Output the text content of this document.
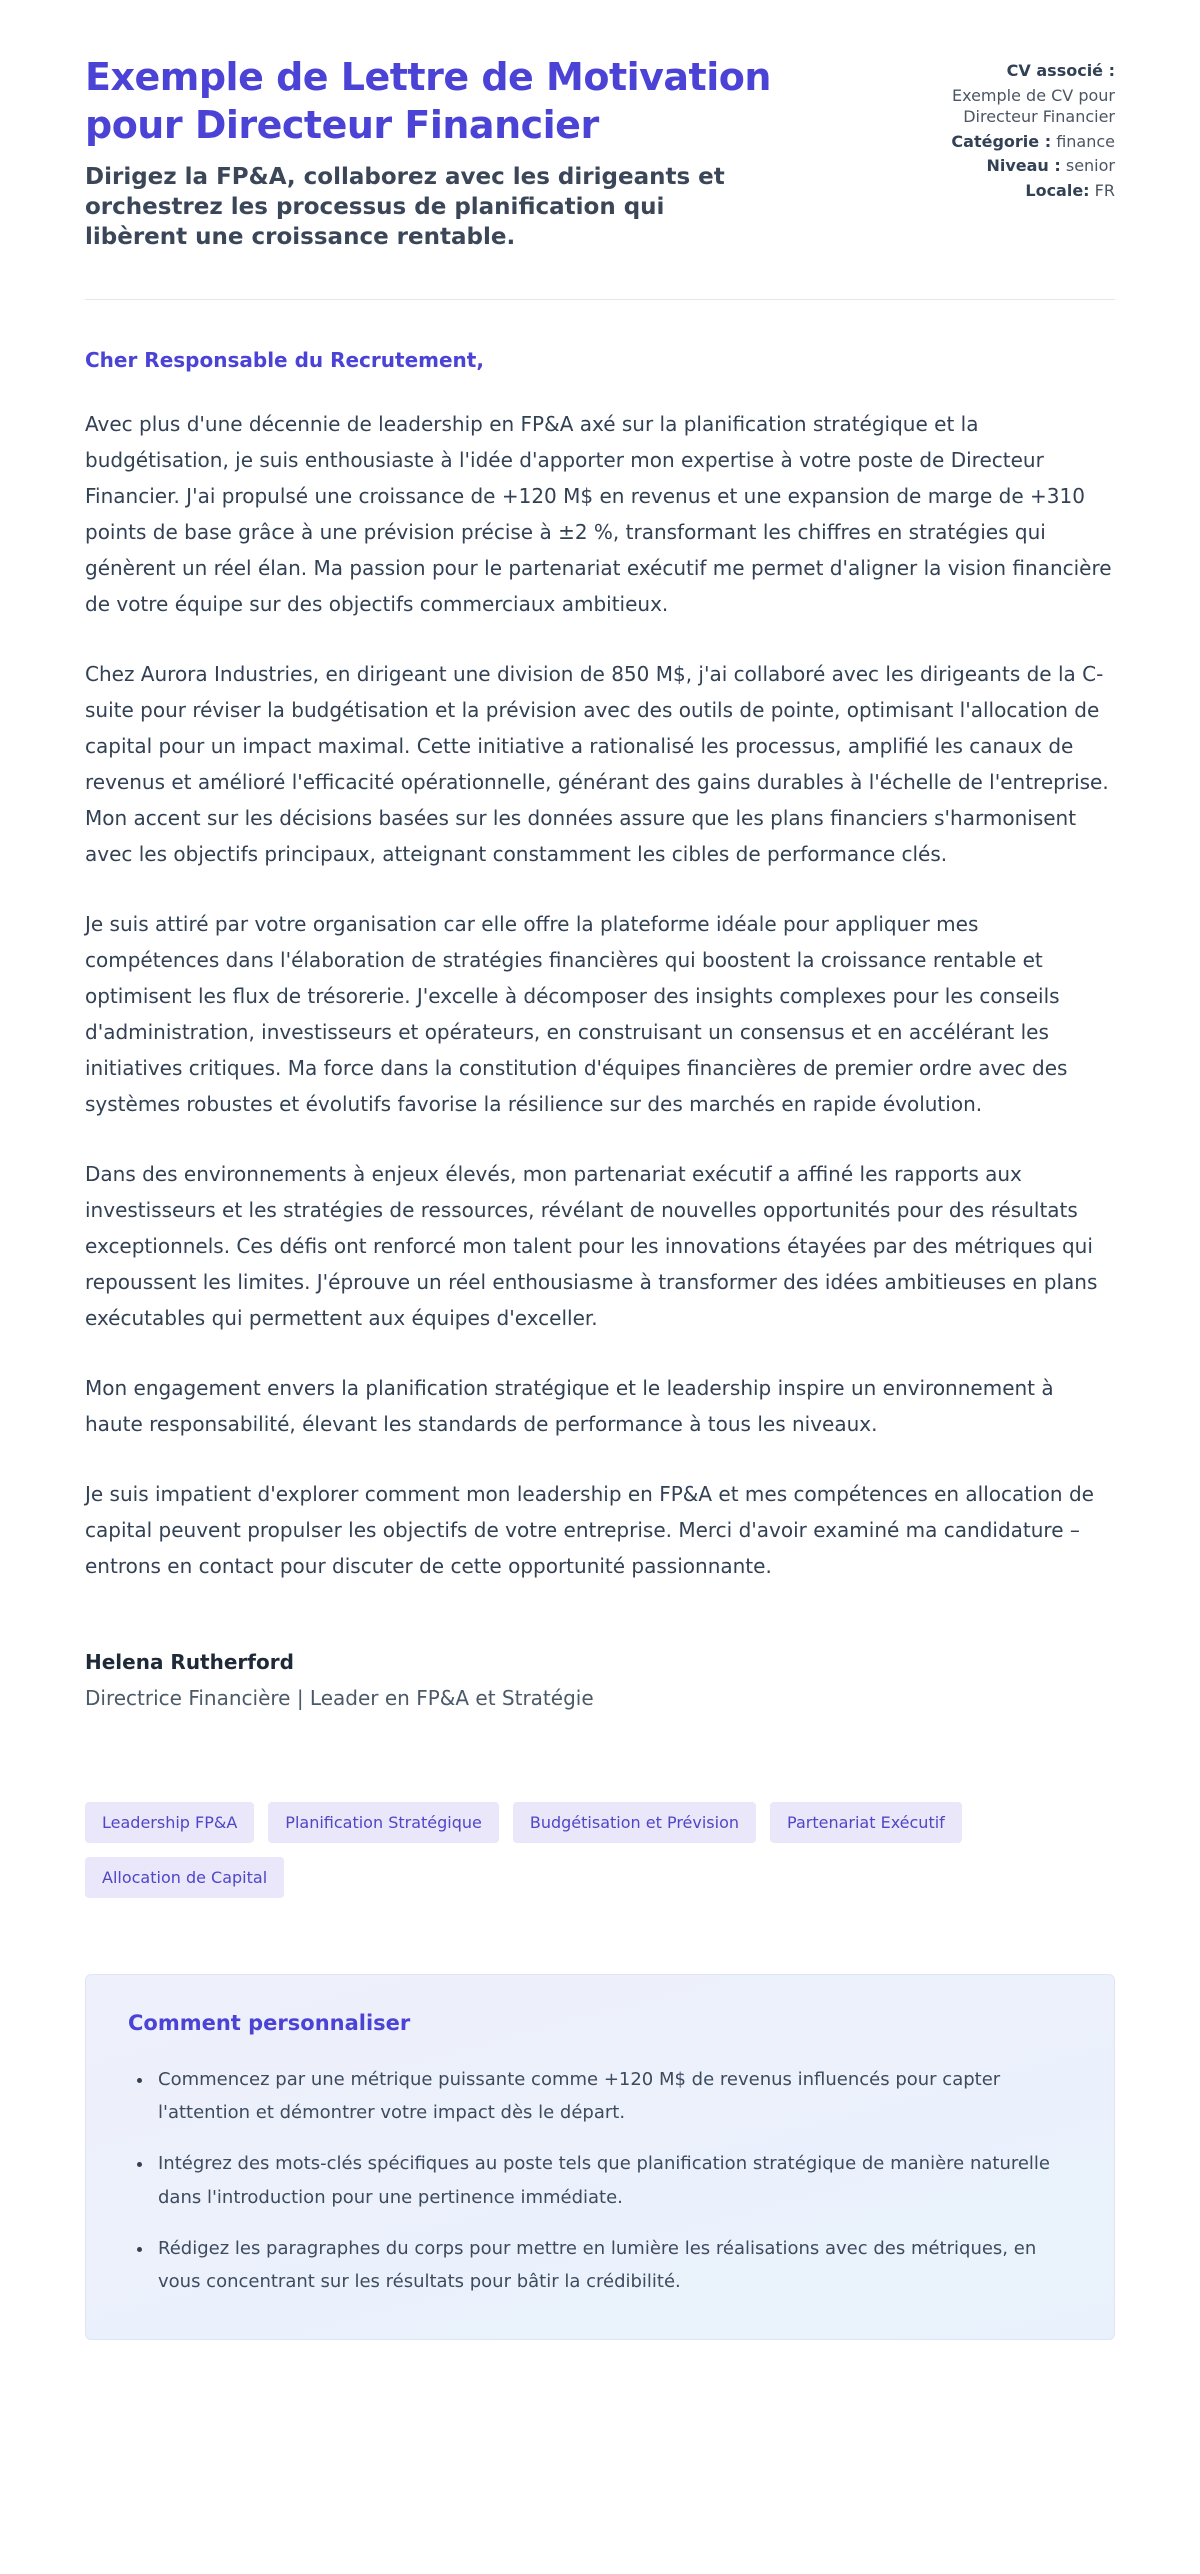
Exemple de Lettre de Motivation pour Directeur Financier

Dirigez la FP&A, collaborez avec les dirigeants et orchestrez les processus de planification qui libèrent une croissance rentable.

CV associé :
Exemple de CV pour Directeur Financier
Catégorie : finance
Niveau : senior
Locale: FR

Cher Responsable du Recrutement,

Avec plus d'une décennie de leadership en FP&A axé sur la planification stratégique et la budgétisation, je suis enthousiaste à l'idée d'apporter mon expertise à votre poste de Directeur Financier. J'ai propulsé une croissance de +120 M$ en revenus et une expansion de marge de +310 points de base grâce à une prévision précise à ±2 %, transformant les chiffres en stratégies qui génèrent un réel élan. Ma passion pour le partenariat exécutif me permet d'aligner la vision financière de votre équipe sur des objectifs commerciaux ambitieux.

Chez Aurora Industries, en dirigeant une division de 850 M$, j'ai collaboré avec les dirigeants de la C-suite pour réviser la budgétisation et la prévision avec des outils de pointe, optimisant l'allocation de capital pour un impact maximal. Cette initiative a rationalisé les processus, amplifié les canaux de revenus et amélioré l'efficacité opérationnelle, générant des gains durables à l'échelle de l'entreprise. Mon accent sur les décisions basées sur les données assure que les plans financiers s'harmonisent avec les objectifs principaux, atteignant constamment les cibles de performance clés.

Je suis attiré par votre organisation car elle offre la plateforme idéale pour appliquer mes compétences dans l'élaboration de stratégies financières qui boostent la croissance rentable et optimisent les flux de trésorerie. J'excelle à décomposer des insights complexes pour les conseils d'administration, investisseurs et opérateurs, en construisant un consensus et en accélérant les initiatives critiques. Ma force dans la constitution d'équipes financières de premier ordre avec des systèmes robustes et évolutifs favorise la résilience sur des marchés en rapide évolution.

Dans des environnements à enjeux élevés, mon partenariat exécutif a affiné les rapports aux investisseurs et les stratégies de ressources, révélant de nouvelles opportunités pour des résultats exceptionnels. Ces défis ont renforcé mon talent pour les innovations étayées par des métriques qui repoussent les limites. J'éprouve un réel enthousiasme à transformer des idées ambitieuses en plans exécutables qui permettent aux équipes d'exceller.

Mon engagement envers la planification stratégique et le leadership inspire un environnement à haute responsabilité, élevant les standards de performance à tous les niveaux.

Je suis impatient d'explorer comment mon leadership en FP&A et mes compétences en allocation de capital peuvent propulser les objectifs de votre entreprise. Merci d'avoir examiné ma candidature – entrons en contact pour discuter de cette opportunité passionnante.

Helena Rutherford

Directrice Financière | Leader en FP&A et Stratégie

Leadership FP&A	Planification Stratégique	Budgétisation et Prévision	Partenariat Exécutif
Allocation de Capital
Comment personnaliser
• Commencez par une métrique puissante comme +120 M$ de revenus influencés pour capter l'attention et démontrer votre impact dès le départ.
• Intégrez des mots-clés spécifiques au poste tels que planification stratégique de manière naturelle dans l'introduction pour une pertinence immédiate.
• Rédigez les paragraphes du corps pour mettre en lumière les réalisations avec des métriques, en vous concentrant sur les résultats pour bâtir la crédibilité.
